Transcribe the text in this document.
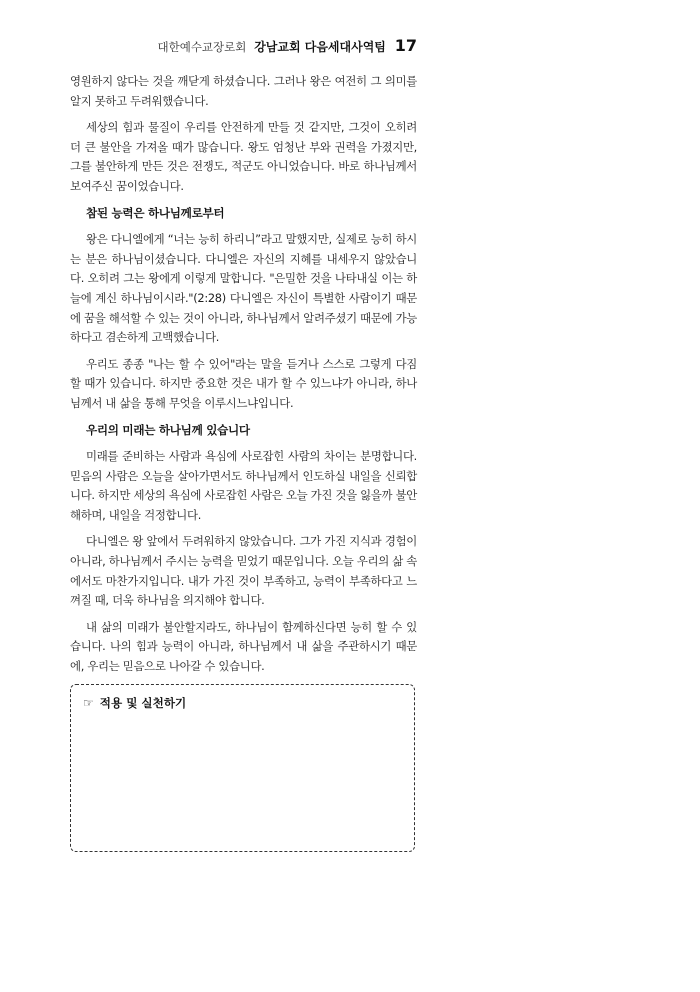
대한예수교장로회 강남교회 다음세대사역팀 17

영원하지 않다는 것을 깨닫게 하셨습니다. 그러나 왕은 여전히 그 의미를 알지 못하고 두려워했습니다.

세상의 힘과 물질이 우리를 안전하게 만들 것 같지만, 그것이 오히려 더 큰 불안을 가져올 때가 많습니다. 왕도 엄청난 부와 권력을 가졌지만, 그를 불안하게 만든 것은 전쟁도, 적군도 아니었습니다. 바로 하나님께서 보여주신 꿈이었습니다.

참된 능력은 하나님께로부터

왕은 다니엘에게 “너는 능히 하리니”라고 말했지만, 실제로 능히 하시는 분은 하나님이셨습니다. 다니엘은 자신의 지혜를 내세우지 않았습니다. 오히려 그는 왕에게 이렇게 말합니다. "은밀한 것을 나타내실 이는 하늘에 계신 하나님이시라."(2:28) 다니엘은 자신이 특별한 사람이기 때문에 꿈을 해석할 수 있는 것이 아니라, 하나님께서 알려주셨기 때문에 가능하다고 겸손하게 고백했습니다.

우리도 종종 "나는 할 수 있어"라는 말을 듣거나 스스로 그렇게 다짐할 때가 있습니다. 하지만 중요한 것은 내가 할 수 있느냐가 아니라, 하나님께서 내 삶을 통해 무엇을 이루시느냐입니다.

우리의 미래는 하나님께 있습니다

미래를 준비하는 사람과 욕심에 사로잡힌 사람의 차이는 분명합니다. 믿음의 사람은 오늘을 살아가면서도 하나님께서 인도하실 내일을 신뢰합니다. 하지만 세상의 욕심에 사로잡힌 사람은 오늘 가진 것을 잃을까 불안해하며, 내일을 걱정합니다.

다니엘은 왕 앞에서 두려워하지 않았습니다. 그가 가진 지식과 경험이 아니라, 하나님께서 주시는 능력을 믿었기 때문입니다. 오늘 우리의 삶 속에서도 마찬가지입니다. 내가 가진 것이 부족하고, 능력이 부족하다고 느껴질 때, 더욱 하나님을 의지해야 합니다.

내 삶의 미래가 불안할지라도, 하나님이 함께하신다면 능히 할 수 있습니다. 나의 힘과 능력이 아니라, 하나님께서 내 삶을 주관하시기 때문에, 우리는 믿음으로 나아갈 수 있습니다.

☞ 적용 및 실천하기
